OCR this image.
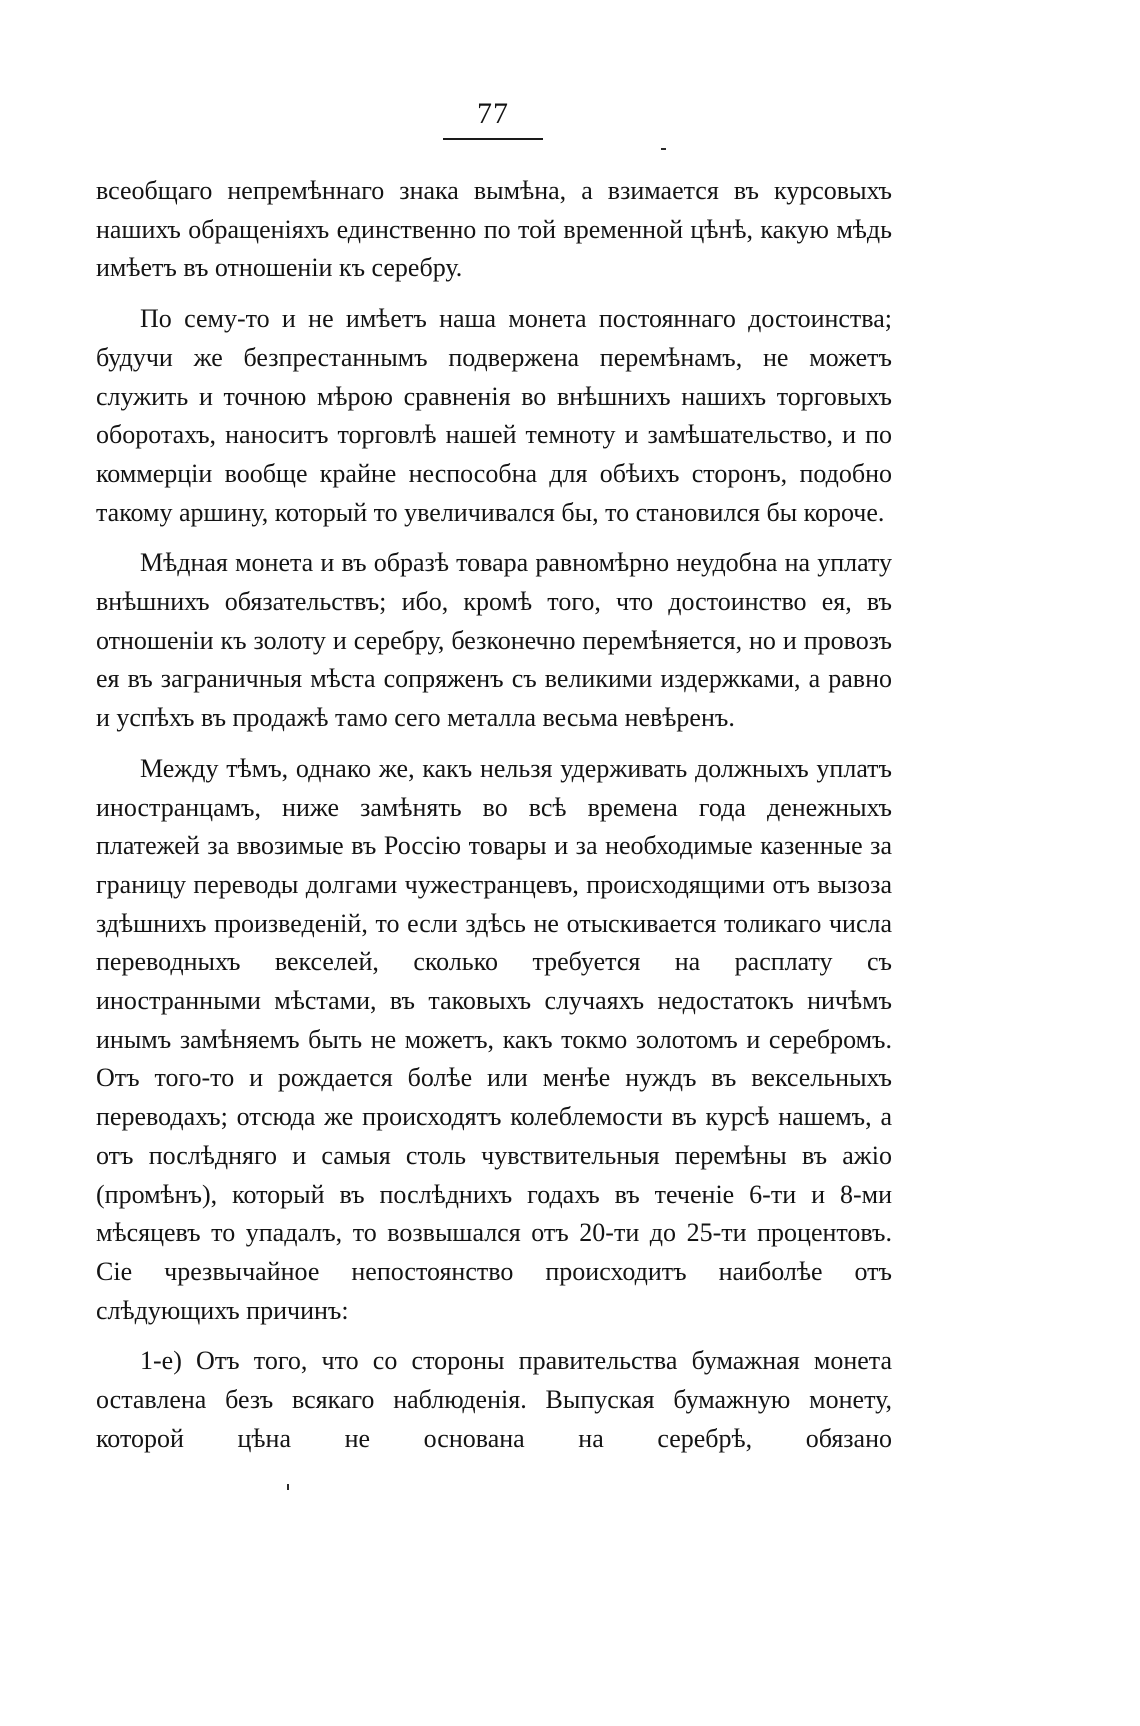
77

всеобщаго непремѣннаго знака вымѣна, а взимается въ курсовыхъ нашихъ обращеніяхъ единственно по той временной цѣнѣ, какую мѣдь имѣетъ въ отношеніи къ серебру.

По сему-то и не имѣетъ наша монета постояннаго достоинства; будучи же безпрестаннымъ подвержена перемѣнамъ, не можетъ служить и точною мѣрою сравненія во внѣшнихъ нашихъ торговыхъ оборотахъ, наноситъ торговлѣ нашей темноту и замѣшательство, и по коммерціи вообще крайне неспособна для обѣихъ сторонъ, подобно такому аршину, который то увеличивался бы, то становился бы короче.

Мѣдная монета и въ образѣ товара равномѣрно неудобна на уплату внѣшнихъ обязательствъ; ибо, кромѣ того, что достоинство ея, въ отношеніи къ золоту и серебру, безконечно перемѣняется, но и провозъ ея въ заграничныя мѣста сопряженъ съ великими издержками, а равно и успѣхъ въ продажѣ тамо сего металла весьма невѣренъ.

Между тѣмъ, однако же, какъ нельзя удерживать должныхъ уплатъ иностранцамъ, ниже замѣнять во всѣ времена года денежныхъ платежей за ввозимые въ Россію товары и за необходимые казенные за границу переводы долгами чужестранцевъ, происходящими отъ вызоза здѣшнихъ произведеній, то если здѣсь не отыскивается толикаго числа переводныхъ векселей, сколько требуется на расплату съ иностранными мѣстами, въ таковыхъ случаяхъ недостатокъ ничѣмъ инымъ замѣняемъ быть не можетъ, какъ токмо золотомъ и серебромъ. Отъ того-то и рождается болѣе или менѣе нуждъ въ вексельныхъ переводахъ; отсюда же происходятъ колеблемости въ курсѣ нашемъ, а отъ послѣдняго и самыя столь чувствительныя перемѣны въ ажіо (промѣнъ), который въ послѣднихъ годахъ въ теченіе 6-ти и 8-ми мѣсяцевъ то упадалъ, то возвышался отъ 20-ти до 25-ти процентовъ. Сіе чрезвычайное непостоянство происходитъ наиболѣе отъ слѣдующихъ причинъ:

1-е) Отъ того, что со стороны правительства бумажная монета оставлена безъ всякаго наблюденія. Выпуская бумажную монету, которой цѣна не основана на серебрѣ, обязано
